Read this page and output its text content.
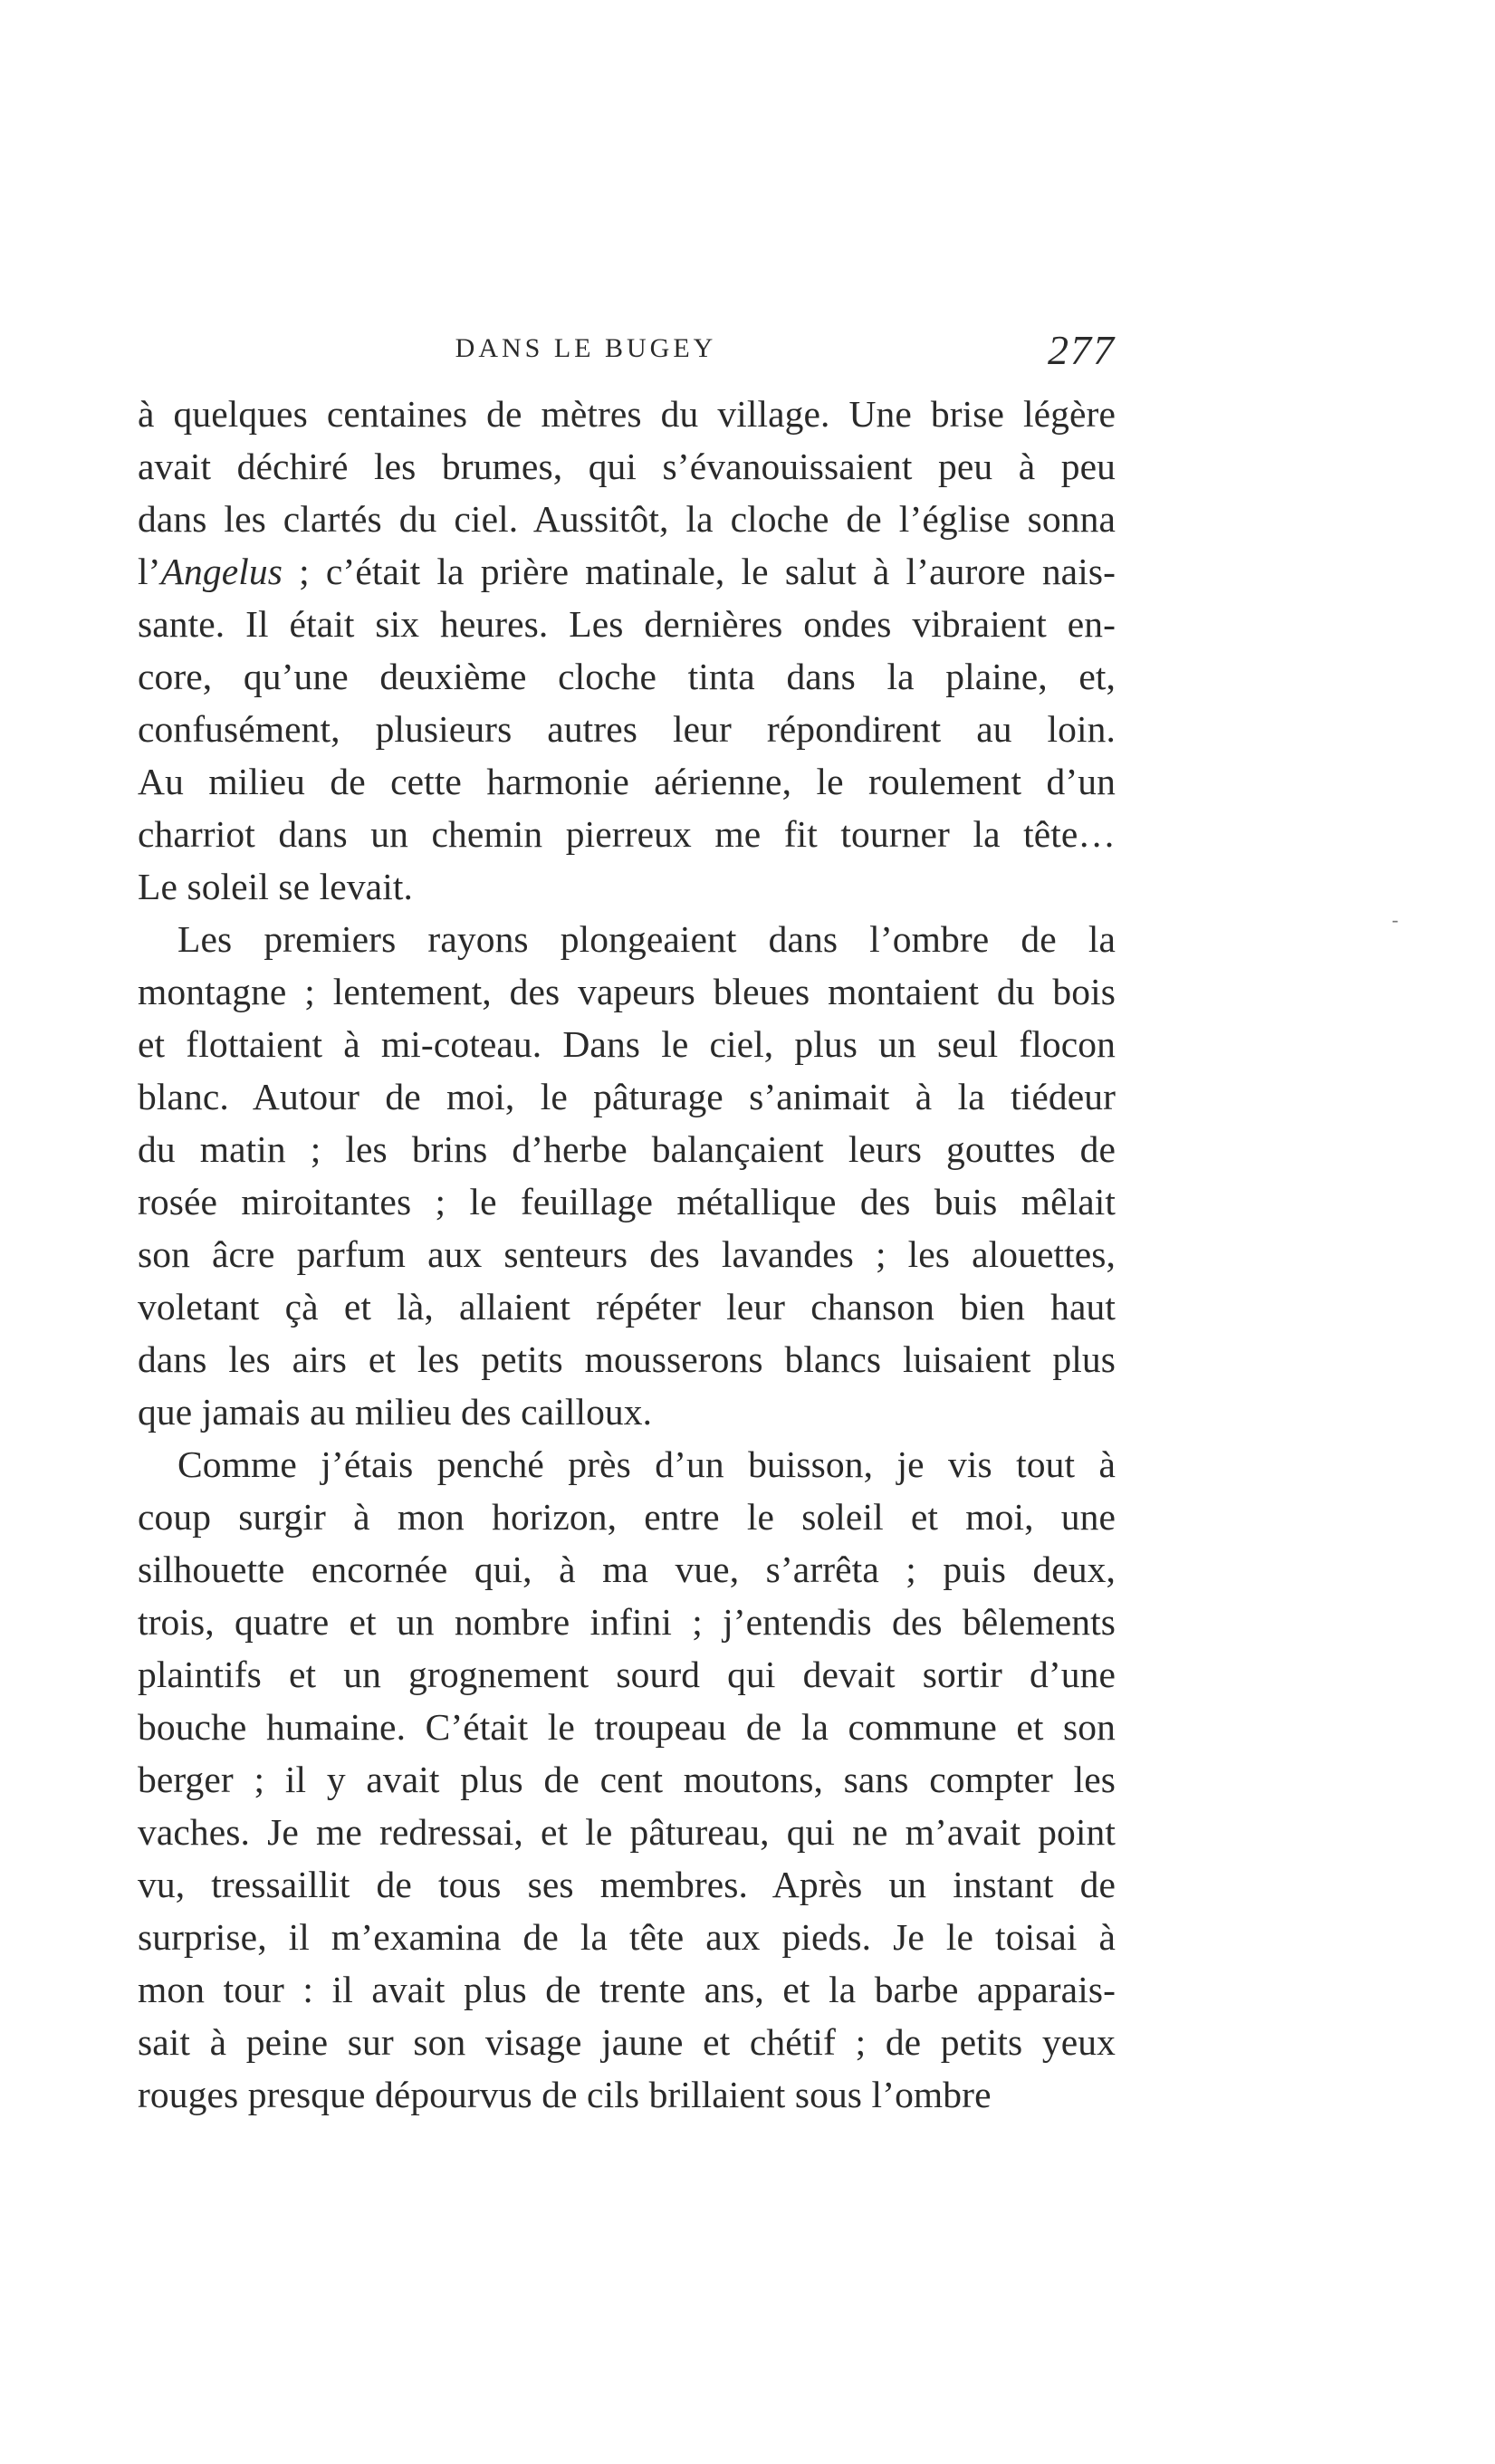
DANS LE BUGEY	277
à quelques centaines de mètres du village. Une brise légère
avait déchiré les brumes, qui s’évanouissaient peu à peu
dans les clartés du ciel. Aussitôt, la cloche de l’église sonna
l’Angelus ; c’était la prière matinale, le salut à l’aurore nais-
sante. Il était six heures. Les dernières ondes vibraient en-
core, qu’une deuxième cloche tinta dans la plaine, et,
confusément, plusieurs autres leur répondirent au loin.
Au milieu de cette harmonie aérienne, le roulement d’un
charriot dans un chemin pierreux me fit tourner la tête…
Le soleil se levait.
Les premiers rayons plongeaient dans l’ombre de la
montagne ; lentement, des vapeurs bleues montaient du bois
et flottaient à mi-coteau. Dans le ciel, plus un seul flocon
blanc. Autour de moi, le pâturage s’animait à la tiédeur
du matin ; les brins d’herbe balançaient leurs gouttes de
rosée miroitantes ; le feuillage métallique des buis mêlait
son âcre parfum aux senteurs des lavandes ; les alouettes,
voletant çà et là, allaient répéter leur chanson bien haut
dans les airs et les petits mousserons blancs luisaient plus
que jamais au milieu des cailloux.
Comme j’étais penché près d’un buisson, je vis tout à
coup surgir à mon horizon, entre le soleil et moi, une
silhouette encornée qui, à ma vue, s’arrêta ; puis deux,
trois, quatre et un nombre infini ; j’entendis des bêlements
plaintifs et un grognement sourd qui devait sortir d’une
bouche humaine. C’était le troupeau de la commune et son
berger ; il y avait plus de cent moutons, sans compter les
vaches. Je me redressai, et le pâtureau, qui ne m’avait point
vu, tressaillit de tous ses membres. Après un instant de
surprise, il m’examina de la tête aux pieds. Je le toisai à
mon tour : il avait plus de trente ans, et la barbe apparais-
sait à peine sur son visage jaune et chétif ; de petits yeux
rouges presque dépourvus de cils brillaient sous l’ombre
-
